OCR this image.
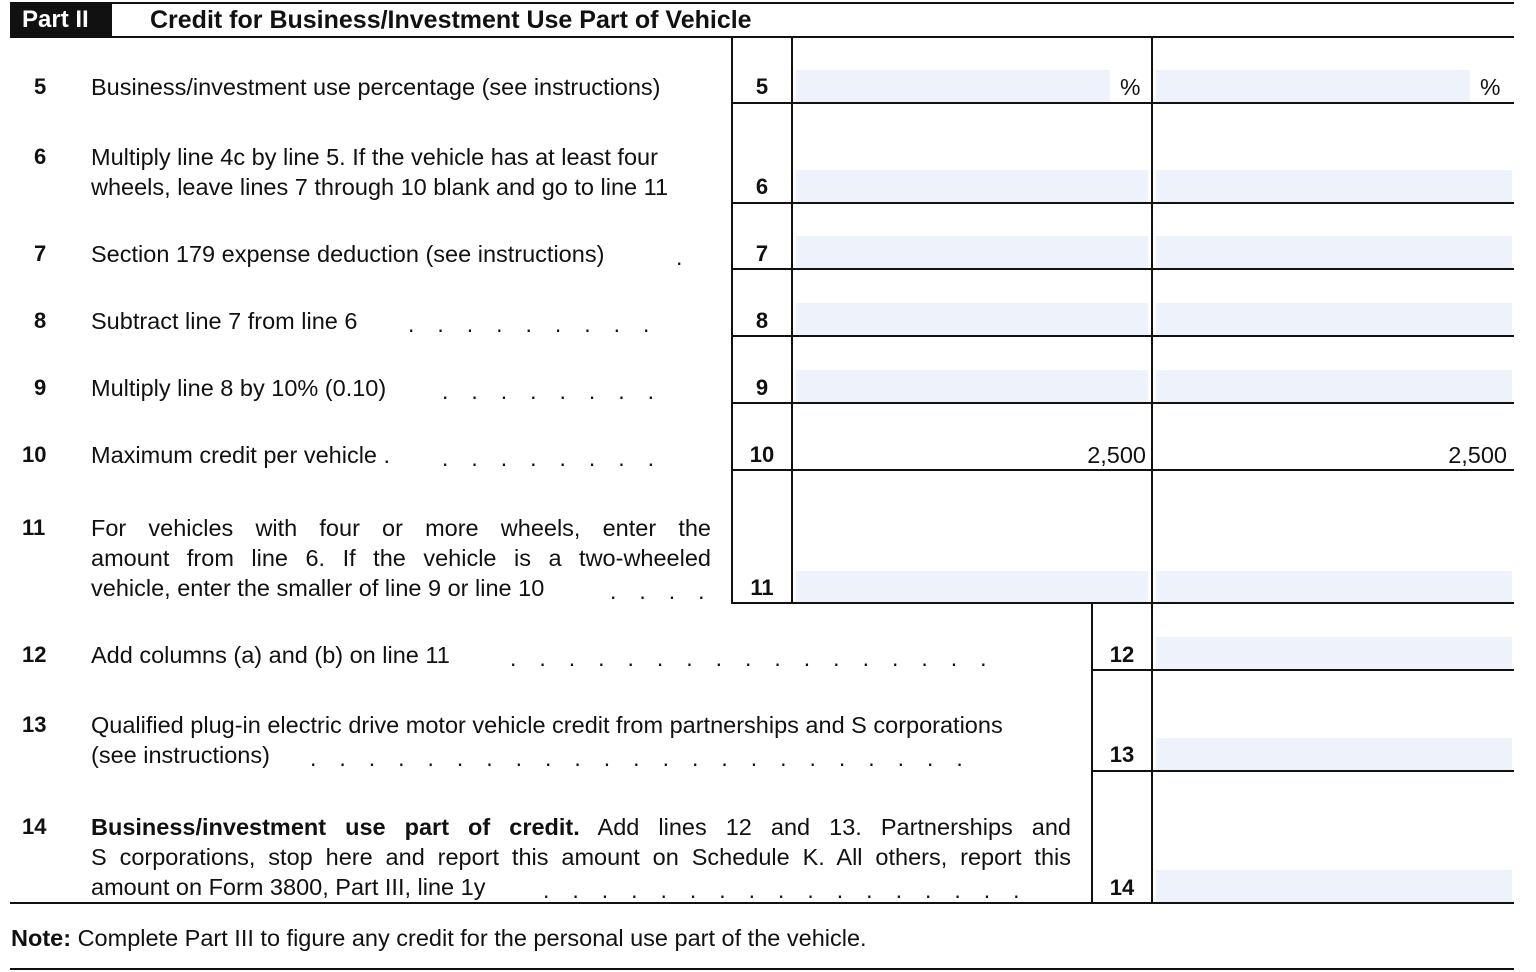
Part II	Credit for Business/Investment Use Part of Vehicle
5	Business/investment use percentage (see instructions)	5	%	%
6	Multiply line 4c by line 5. If the vehicle has at least four
wheels, leave lines 7 through 10 blank and go to line 11	6
7	Section 179 expense deduction (see instructions)	.	7
8	Subtract line 7 from line 6 . . . . . . . . .	8
9	Multiply line 8 by 10% (0.10) . . . . . . . .	9
10	Maximum credit per vehicle . . . . . . . . .	10	2,500	2,500
11	For vehicles with four or more wheels, enter the
amount from line 6. If the vehicle is a two-wheeled
vehicle, enter the smaller of line 9 or line 10	. . . .	11
12	Add columns (a) and (b) on line 11	. . . . . . . . . . . . . . . . .	12
13	Qualified plug-in electric drive motor vehicle credit from partnerships and S corporations
(see instructions) . . . . . . . . . . . . . . . . . . . . . . .	13
14	Business/investment use part of credit. Add lines 12 and 13. Partnerships and
S corporations, stop here and report this amount on Schedule K. All others, report this
amount on Form 3800, Part III, line 1y	. . . . . . . . . . . . . . . . .	14
Note: Complete Part III to figure any credit for the personal use part of the vehicle.
